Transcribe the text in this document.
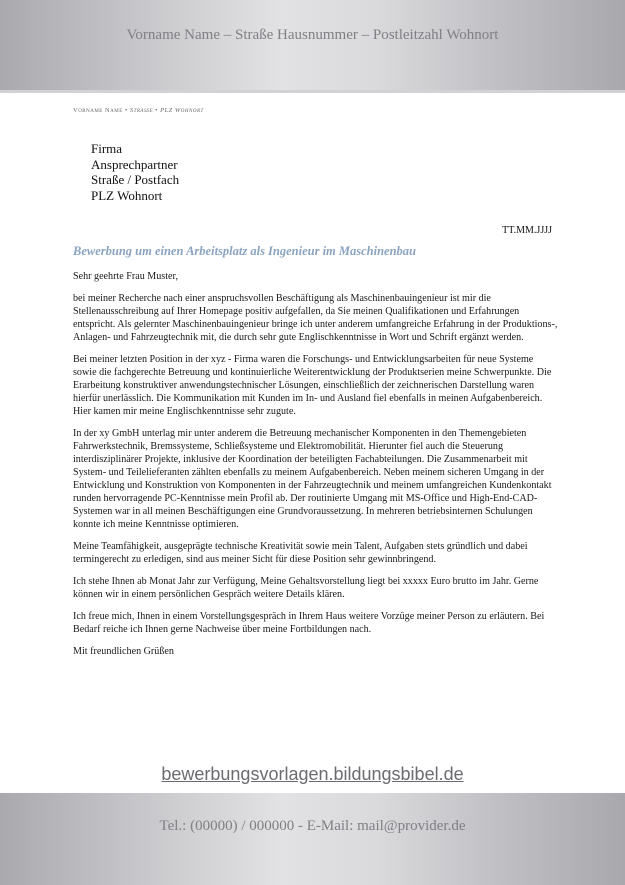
Vorname Name – Straße Hausnummer – Postleitzahl Wohnort
Vorname Name • Straße • PLZ Wohnort
Firma
Ansprechpartner
Straße / Postfach
PLZ Wohnort
TT.MM.JJJJ
Bewerbung um einen Arbeitsplatz als Ingenieur im Maschinenbau

Sehr geehrte Frau Muster,

bei meiner Recherche nach einer anspruchsvollen Beschäftigung als Maschinenbauingenieur ist mir die Stellenausschreibung auf Ihrer Homepage positiv aufgefallen, da Sie meinen Qualifikationen und Erfahrungen entspricht. Als gelernter Maschinenbauingenieur bringe ich unter anderem umfangreiche Erfahrung in der Produktions-, Anlagen- und Fahrzeugtechnik mit, die durch sehr gute Englischkenntnisse in Wort und Schrift ergänzt werden.

Bei meiner letzten Position in der xyz - Firma waren die Forschungs- und Entwicklungsarbeiten für neue Systeme sowie die fachgerechte Betreuung und kontinuierliche Weiterentwicklung der Produktserien meine Schwerpunkte. Die Erarbeitung konstruktiver anwendungstechnischer Lösungen, einschließlich der zeichnerischen Darstellung waren hierfür unerlässlich. Die Kommunikation mit Kunden im In- und Ausland fiel ebenfalls in meinen Aufgabenbereich. Hier kamen mir meine Englischkenntnisse sehr zugute.

In der xy GmbH unterlag mir unter anderem die Betreuung mechanischer Komponenten in den Themengebieten Fahrwerkstechnik, Bremssysteme, Schließsysteme und Elektromobilität. Hierunter fiel auch die Steuerung interdisziplinärer Projekte, inklusive der Koordination der beteiligten Fachabteilungen. Die Zusammenarbeit mit System- und Teilelieferanten zählten ebenfalls zu meinem Aufgabenbereich. Neben meinem sicheren Umgang in der Entwicklung und Konstruktion von Komponenten in der Fahrzeugtechnik und meinem umfangreichen Kundenkontakt runden hervorragende PC-Kenntnisse mein Profil ab. Der routinierte Umgang mit MS-Office und High-End-CAD-Systemen war in all meinen Beschäftigungen eine Grundvoraussetzung. In mehreren betriebsinternen Schulungen konnte ich meine Kenntnisse optimieren.

Meine Teamfähigkeit, ausgeprägte technische Kreativität sowie mein Talent, Aufgaben stets gründlich und dabei termingerecht zu erledigen, sind aus meiner Sicht für diese Position sehr gewinnbringend.

Ich stehe Ihnen ab Monat Jahr zur Verfügung, Meine Gehaltsvorstellung liegt bei xxxxx Euro brutto im Jahr. Gerne können wir in einem persönlichen Gespräch weitere Details klären.

Ich freue mich, Ihnen in einem Vorstellungsgespräch in Ihrem Haus weitere Vorzüge meiner Person zu erläutern. Bei Bedarf reiche ich Ihnen gerne Nachweise über meine Fortbildungen nach.

Mit freundlichen Grüßen

bewerbungsvorlagen.bildungsbibel.de
Tel.: (00000) / 000000 - E-Mail: mail@provider.de
